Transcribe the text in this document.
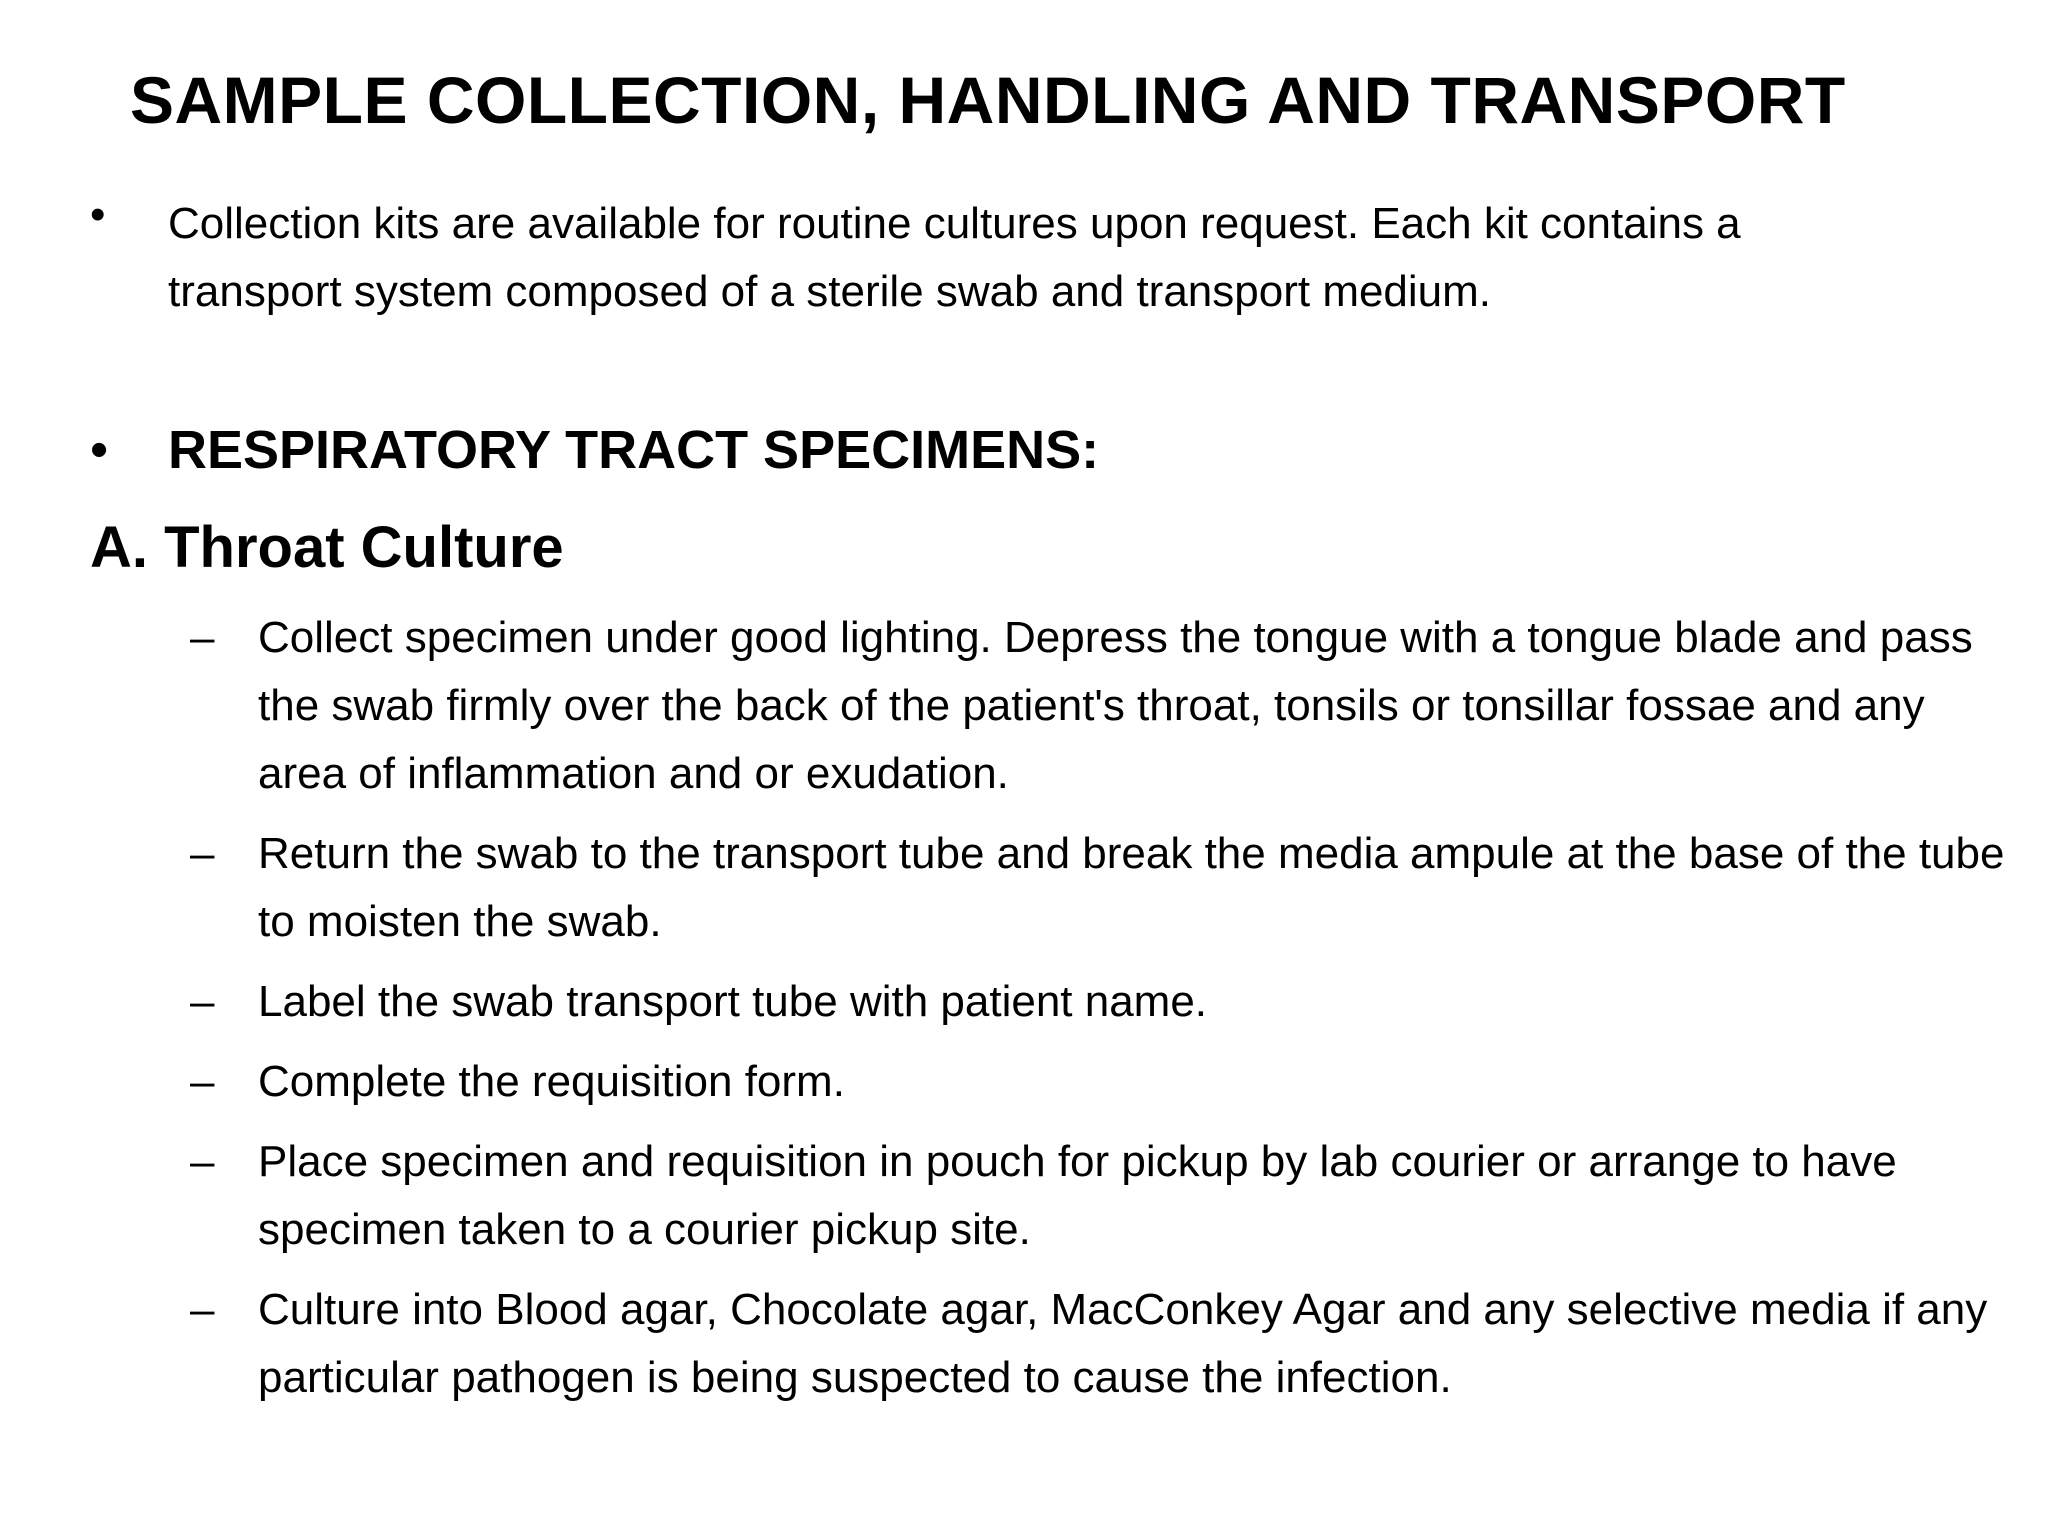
SAMPLE COLLECTION, HANDLING AND TRANSPORT
•	Collection kits are available for routine cultures upon request. Each kit contains a transport system composed of a sterile swab and transport medium.
•	RESPIRATORY TRACT SPECIMENS:
A. Throat Culture
– Collect specimen under good lighting. Depress the tongue with a tongue blade and pass the swab firmly over the back of the patient's throat, tonsils or tonsillar fossae and any area of inflammation and or exudation.
– Return the swab to the transport tube and break the media ampule at the base of the tube to moisten the swab.
– Label the swab transport tube with patient name.
– Complete the requisition form.
– Place specimen and requisition in pouch for pickup by lab courier or arrange to have specimen taken to a courier pickup site.
– Culture into Blood agar, Chocolate agar, MacConkey Agar and any selective media if any particular pathogen is being suspected to cause the infection.
